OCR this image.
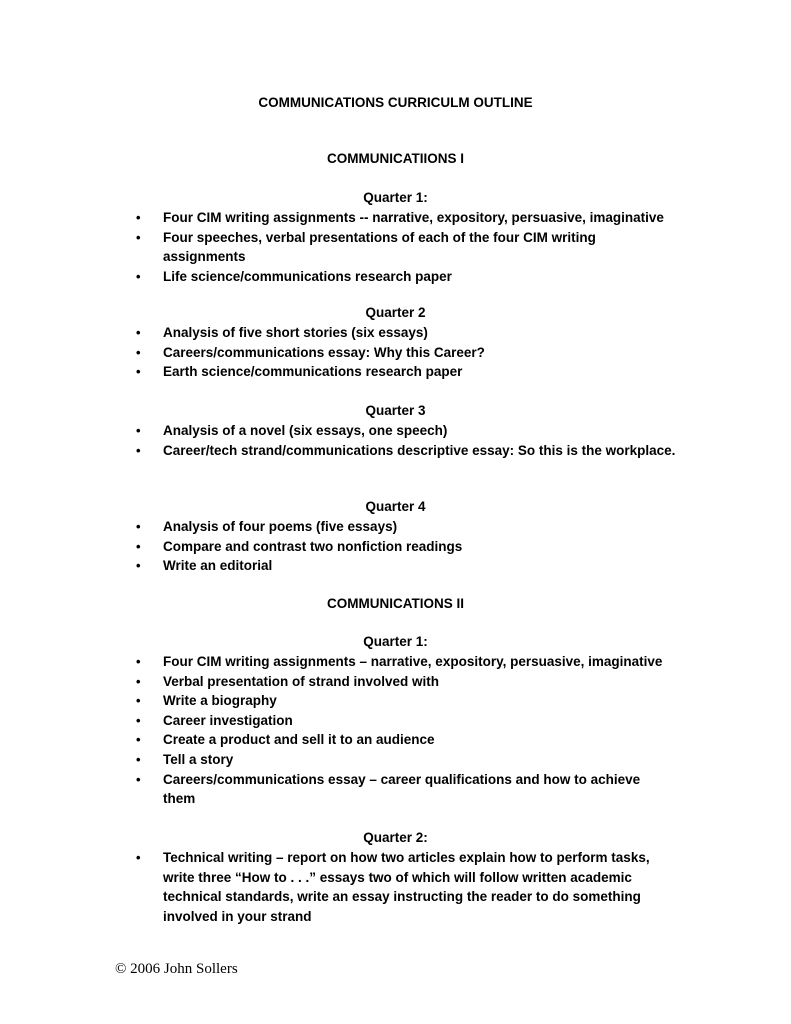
COMMUNICATIONS CURRICULM OUTLINE
COMMUNICATIIONS I
Quarter 1:
• Four CIM writing assignments -- narrative, expository, persuasive, imaginative
• Four speeches, verbal presentations of each of the four CIM writing assignments
• Life science/communications research paper
Quarter 2
• Analysis of five short stories (six essays)
• Careers/communications essay: Why this Career?
• Earth science/communications research paper
Quarter 3
• Analysis of a novel (six essays, one speech)
• Career/tech strand/communications descriptive essay: So this is the workplace.
Quarter 4
• Analysis of four poems (five essays)
• Compare and contrast two nonfiction readings
• Write an editorial
COMMUNICATIONS II
Quarter 1:
• Four CIM writing assignments – narrative, expository, persuasive, imaginative
• Verbal presentation of strand involved with
• Write a biography
• Career investigation
• Create a product and sell it to an audience
• Tell a story
• Careers/communications essay – career qualifications and how to achieve them
Quarter 2:
• Technical writing – report on how two articles explain how to perform tasks, write three “How to . . .” essays two of which will follow written academic technical standards, write an essay instructing the reader to do something involved in your strand
© 2006 John Sollers
